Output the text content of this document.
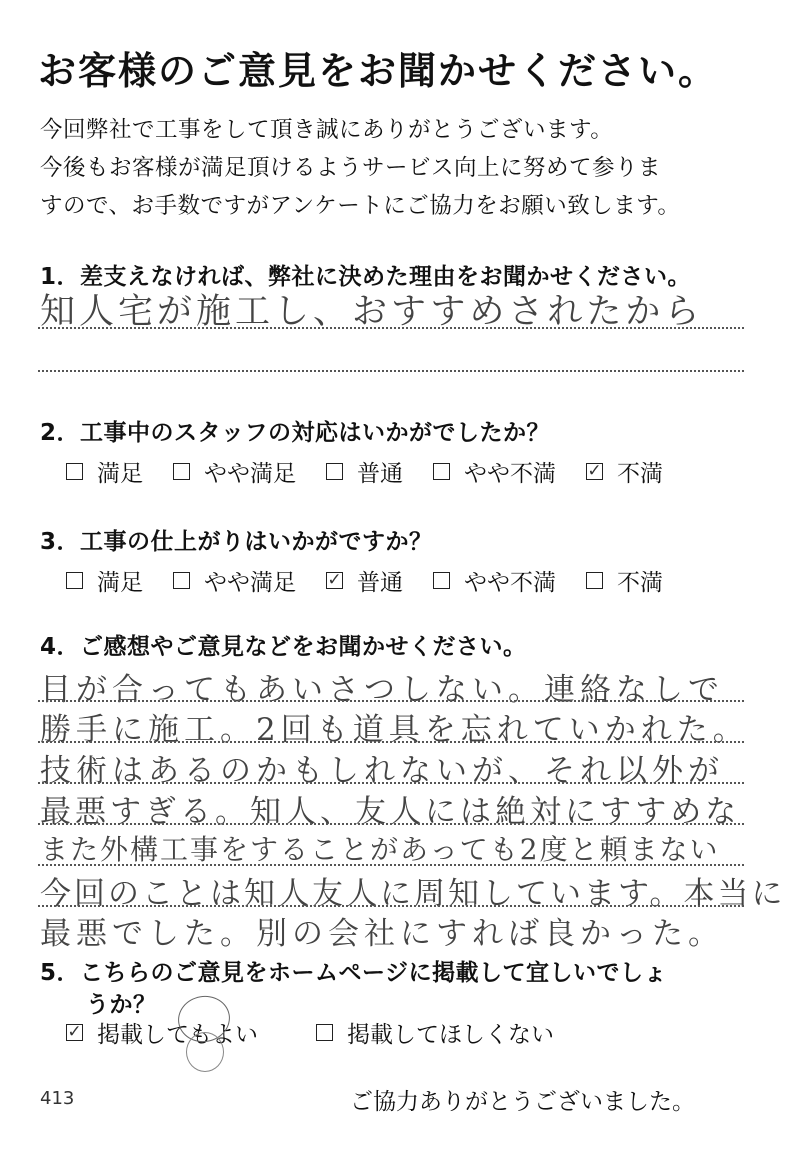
お客様のご意見をお聞かせください。
今回弊社で工事をして頂き誠にありがとうございます。
今後もお客様が満足頂けるようサービス向上に努めて参りま
すので、お手数ですがアンケートにご協力をお願い致します。
1．差支えなければ、弊社に決めた理由をお聞かせください。
知人宅が施工し、おすすめされたから
2．工事中のスタッフの対応はいかがでしたか？
満足	やや満足	普通	やや不満 ✓ 不満
3．工事の仕上がりはいかがですか？
満足	やや満足 ✓ 普通	やや不満	不満
4．ご感想やご意見などをお聞かせください。
目が合ってもあいさつしない。連絡なしで
勝手に施工。2回も道具を忘れていかれた。
技術はあるのかもしれないが、それ以外が
最悪すぎる。知人、友人には絶対にすすめな
また外構工事をすることがあっても2度と頼まない
今回のことは知人友人に周知しています。本当に
最悪でした。別の会社にすれば良かった。
5．こちらのご意見をホームページに掲載して宜しいでしょ
うか？
✓ 掲載してもよい	掲載してほしくない
413	ご協力ありがとうございました。
